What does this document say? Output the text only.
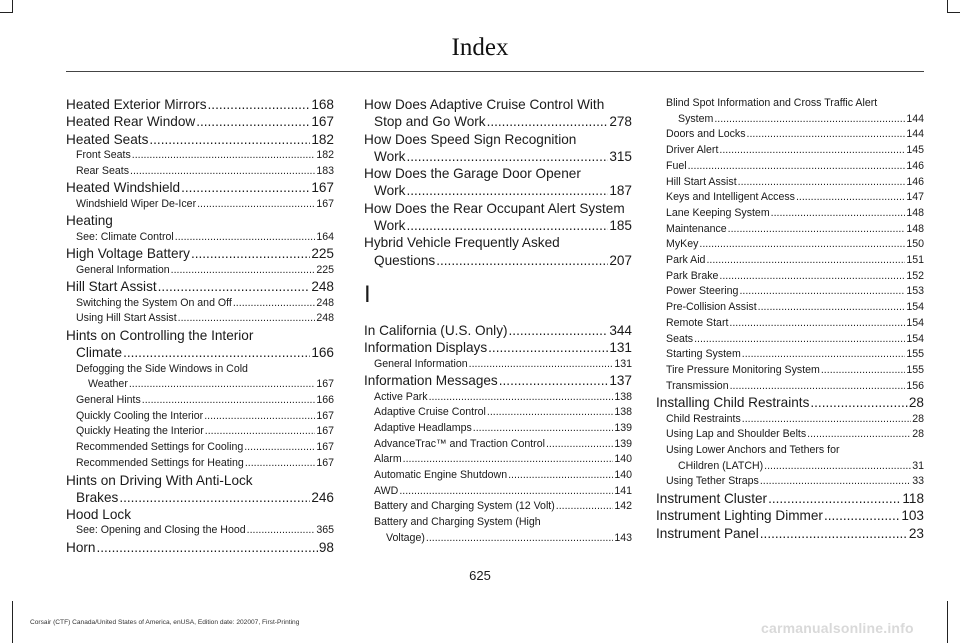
Index
Heated Exterior Mirrors .....	168
Heated Rear Window .....	167
Heated Seats .....	182
Front Seats .....	182
Rear Seats .....	183
Heated Windshield .....	167
Windshield Wiper De-Icer .....	167
Heating
See: Climate Control .....	164
High Voltage Battery .....	225
General Information .....	225
Hill Start Assist .....	248
Switching the System On and Off .....	248
Using Hill Start Assist .....	248
Hints on Controlling the Interior
Climate .....	166
Defogging the Side Windows in Cold
Weather .....	167
General Hints .....	166
Quickly Cooling the Interior .....	167
Quickly Heating the Interior .....	167
Recommended Settings for Cooling .....	167
Recommended Settings for Heating .....	167
Hints on Driving With Anti-Lock
Brakes .....	246
Hood Lock
See: Opening and Closing the Hood .....	365
Horn .....	98
How Does Adaptive Cruise Control With
Stop and Go Work .....	278
How Does Speed Sign Recognition
Work .....	315
How Does the Garage Door Opener
Work .....	187
How Does the Rear Occupant Alert System
Work .....	185
Hybrid Vehicle Frequently Asked
Questions .....	207
I
In California (U.S. Only) .....	344
Information Displays .....	131
General Information .....	131
Information Messages .....	137
Active Park .....	138
Adaptive Cruise Control .....	138
Adaptive Headlamps .....	139
AdvanceTrac™ and Traction Control .....	139
Alarm .....	140
Automatic Engine Shutdown .....	140
AWD .....	141
Battery and Charging System (12 Volt) .....	142
Battery and Charging System (High
Voltage) .....	143
Blind Spot Information and Cross Traffic Alert
System .....	144
Doors and Locks .....	144
Driver Alert .....	145
Fuel .....	146
Hill Start Assist .....	146
Keys and Intelligent Access .....	147
Lane Keeping System .....	148
Maintenance .....	148
MyKey .....	150
Park Aid .....	151
Park Brake .....	152
Power Steering .....	153
Pre-Collision Assist .....	154
Remote Start .....	154
Seats .....	154
Starting System .....	155
Tire Pressure Monitoring System .....	155
Transmission .....	156
Installing Child Restraints .....	28
Child Restraints .....	28
Using Lap and Shoulder Belts .....	28
Using Lower Anchors and Tethers for
CHildren (LATCH) .....	31
Using Tether Straps .....	33
Instrument Cluster .....	118
Instrument Lighting Dimmer .....	103
Instrument Panel .....	23
625
Corsair (CTF) Canada/United States of America, enUSA, Edition date: 202007, First-Printing	carmanualsonline.info
